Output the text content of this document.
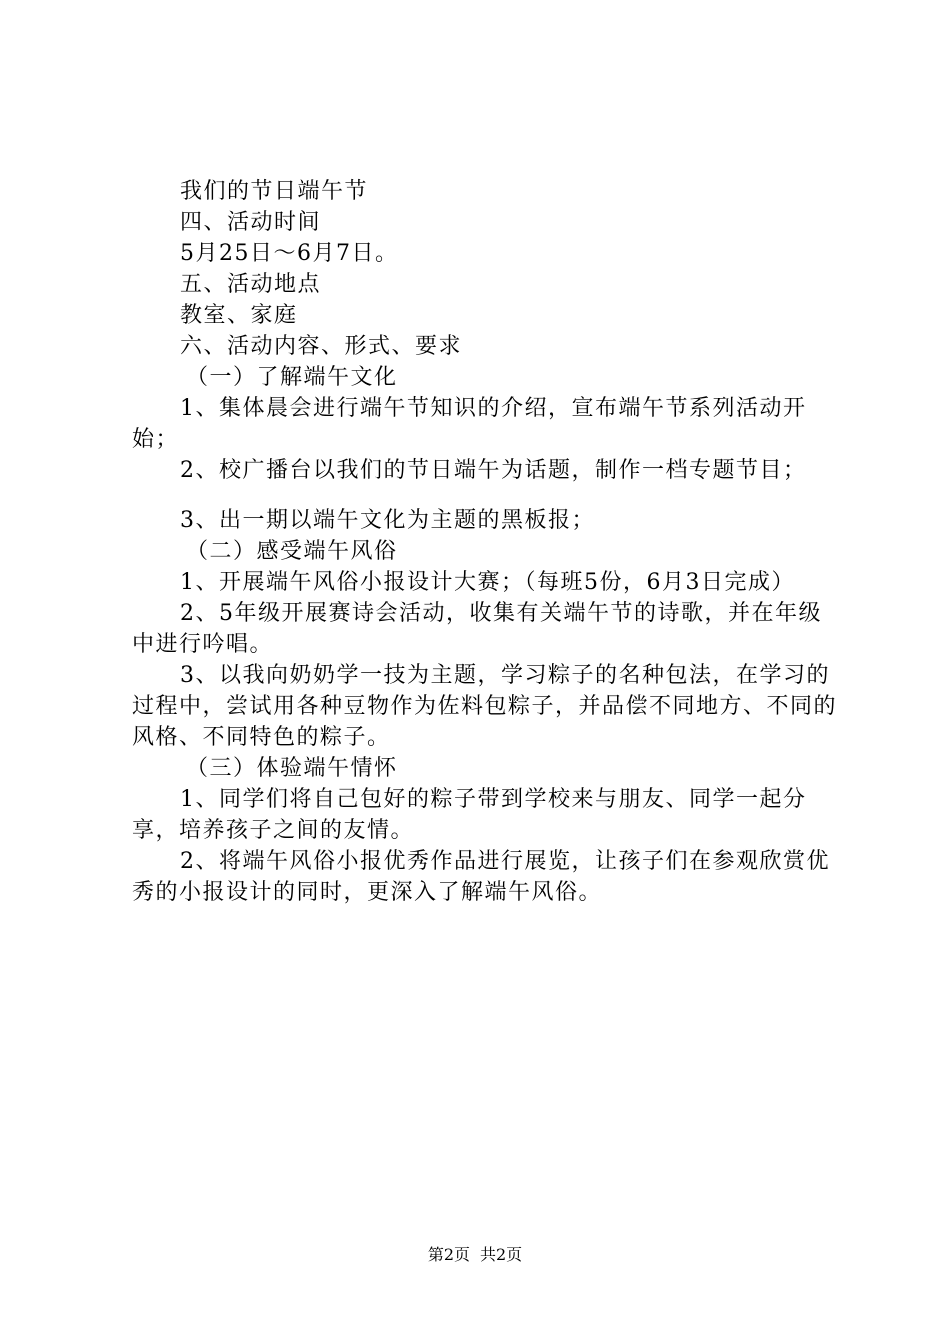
我们的节日端午节

四、活动时间

5月25日～6月7日。

五、活动地点

教室、家庭

六、活动内容、形式、要求

（一）了解端午文化

1、集体晨会进行端午节知识的介绍，宣布端午节系列活动开始；

2、校广播台以我们的节日端午为话题，制作一档专题节目；

3、出一期以端午文化为主题的黑板报；

（二）感受端午风俗

1、开展端午风俗小报设计大赛；（每班5份，6月3日完成）

2、5年级开展赛诗会活动，收集有关端午节的诗歌，并在年级中进行吟唱。

3、以我向奶奶学一技为主题，学习粽子的名种包法，在学习的过程中，尝试用各种豆物作为佐料包粽子，并品偿不同地方、不同的风格、不同特色的粽子。

（三）体验端午情怀

1、同学们将自己包好的粽子带到学校来与朋友、同学一起分享，培养孩子之间的友情。

2、将端午风俗小报优秀作品进行展览，让孩子们在参观欣赏优秀的小报设计的同时，更深入了解端午风俗。

第2页 共2页
